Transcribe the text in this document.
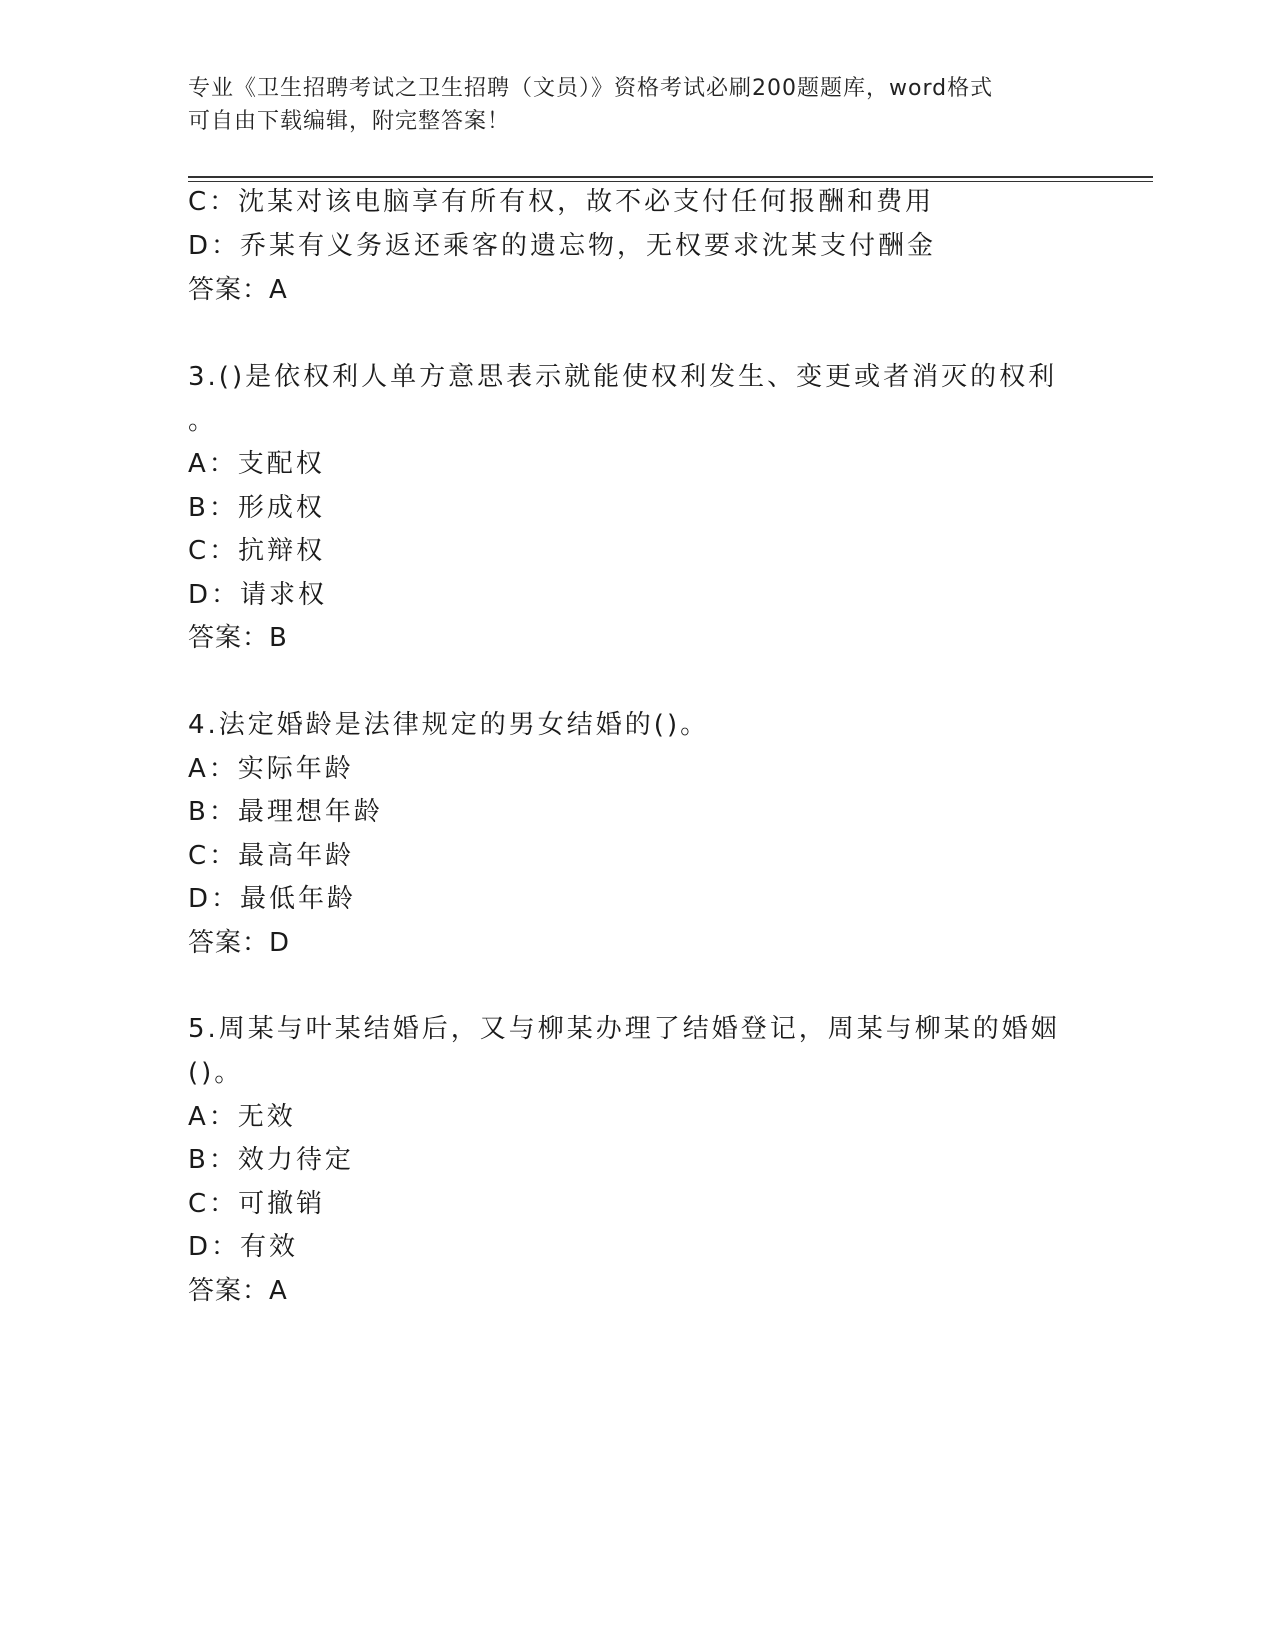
专业《卫生招聘考试之卫生招聘（文员）》资格考试必刷200题题库，word格式
可自由下载编辑，附完整答案！
C：沈某对该电脑享有所有权，故不必支付任何报酬和费用
D：乔某有义务返还乘客的遗忘物，无权要求沈某支付酬金
答案：A
3.()是依权利人单方意思表示就能使权利发生、变更或者消灭的权利
。
A：支配权
B：形成权
C：抗辩权
D：请求权
答案：B
4.法定婚龄是法律规定的男女结婚的()。
A：实际年龄
B：最理想年龄
C：最高年龄
D：最低年龄
答案：D
5.周某与叶某结婚后，又与柳某办理了结婚登记，周某与柳某的婚姻
()。
A：无效
B：效力待定
C：可撤销
D：有效
答案：A
